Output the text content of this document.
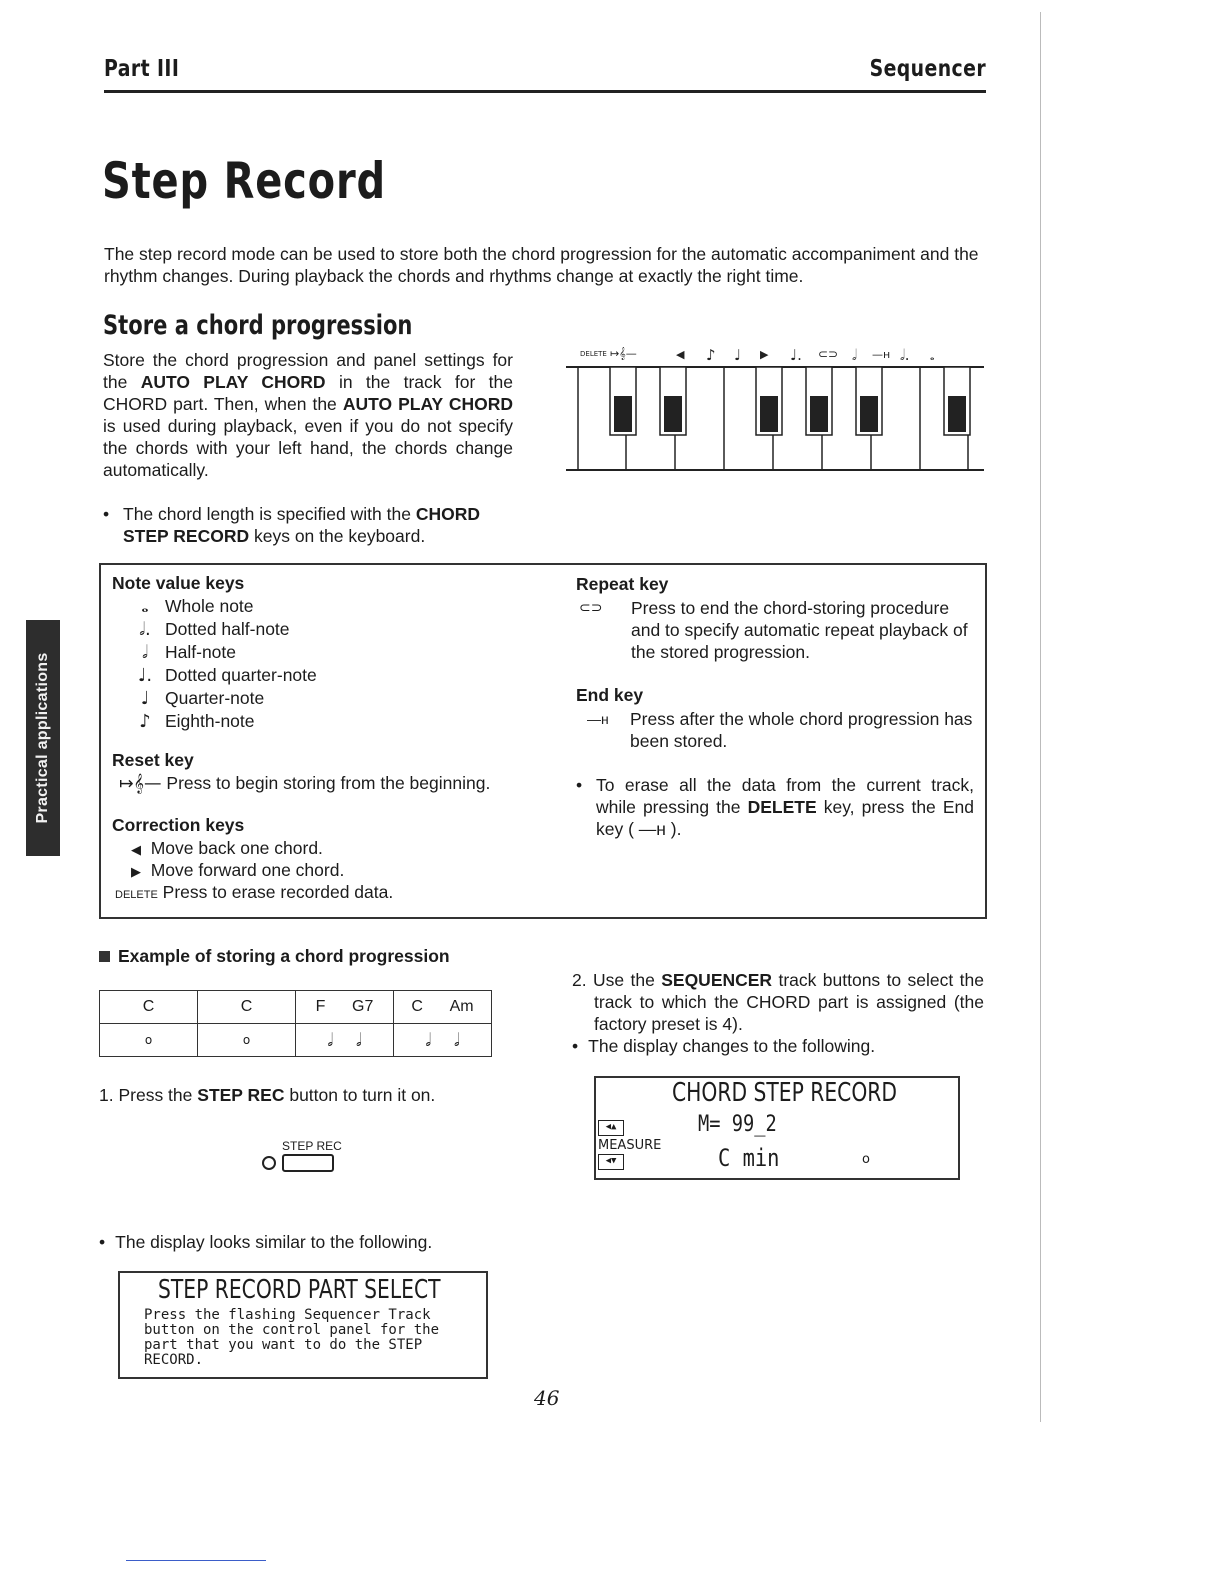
Part III	Sequencer
Step Record
The step record mode can be used to store both the chord progression for the automatic accompaniment and the rhythm changes. During playback the chords and rhythms change at exactly the right time.
Store a chord progression
Store the chord progression and panel settings for the AUTO PLAY CHORD in the track for the CHORD part. Then, when the AUTO PLAY CHORD is used during playback, even if you do not specify the chords with your left hand, the chords change automatically.
• The chord length is specified with the CHORD STEP RECORD keys on the keyboard.
DELETE ↦𝄞—	◀ ♪ ♩ ▶ ♩. ⊂⊃ 𝅗𝅥 —н 𝅗𝅥. 𝅝
Note value keys
𝅝 Whole note
𝅗𝅥. Dotted half-note
𝅗𝅥 Half-note
♩. Dotted quarter-note
♩ Quarter-note
♪ Eighth-note
Reset key
↦𝄞— Press to begin storing from the beginning.
Correction keys
◀ Move back one chord.
▶ Move forward one chord.
DELETE Press to erase recorded data.
Repeat key
⊂⊃ Press to end the chord-storing procedure and to specify automatic repeat playback of the stored progression.
End key
—н Press after the whole chord progression has been stored.
• To erase all the data from the current track, while pressing the DELETE key, press the End key ( —н ).
Example of storing a chord progression
C	C	F G7	C Am
o	o	𝅗𝅥    𝅗𝅥	𝅗𝅥    𝅗𝅥
1. Press the STEP REC button to turn it on.
STEP REC
• The display looks similar to the following.
STEP RECORD PART SELECT
Press the flashing Sequencer Track button on the control panel for the part that you want to do the STEP RECORD.
2. Use the SEQUENCER track buttons to select the track to which the CHORD part is assigned (the factory preset is 4).
• The display changes to the following.
CHORD STEP RECORD
◀▲
MEASURE
◀▼
M= 99_2
C min	o
46
Practical applications
